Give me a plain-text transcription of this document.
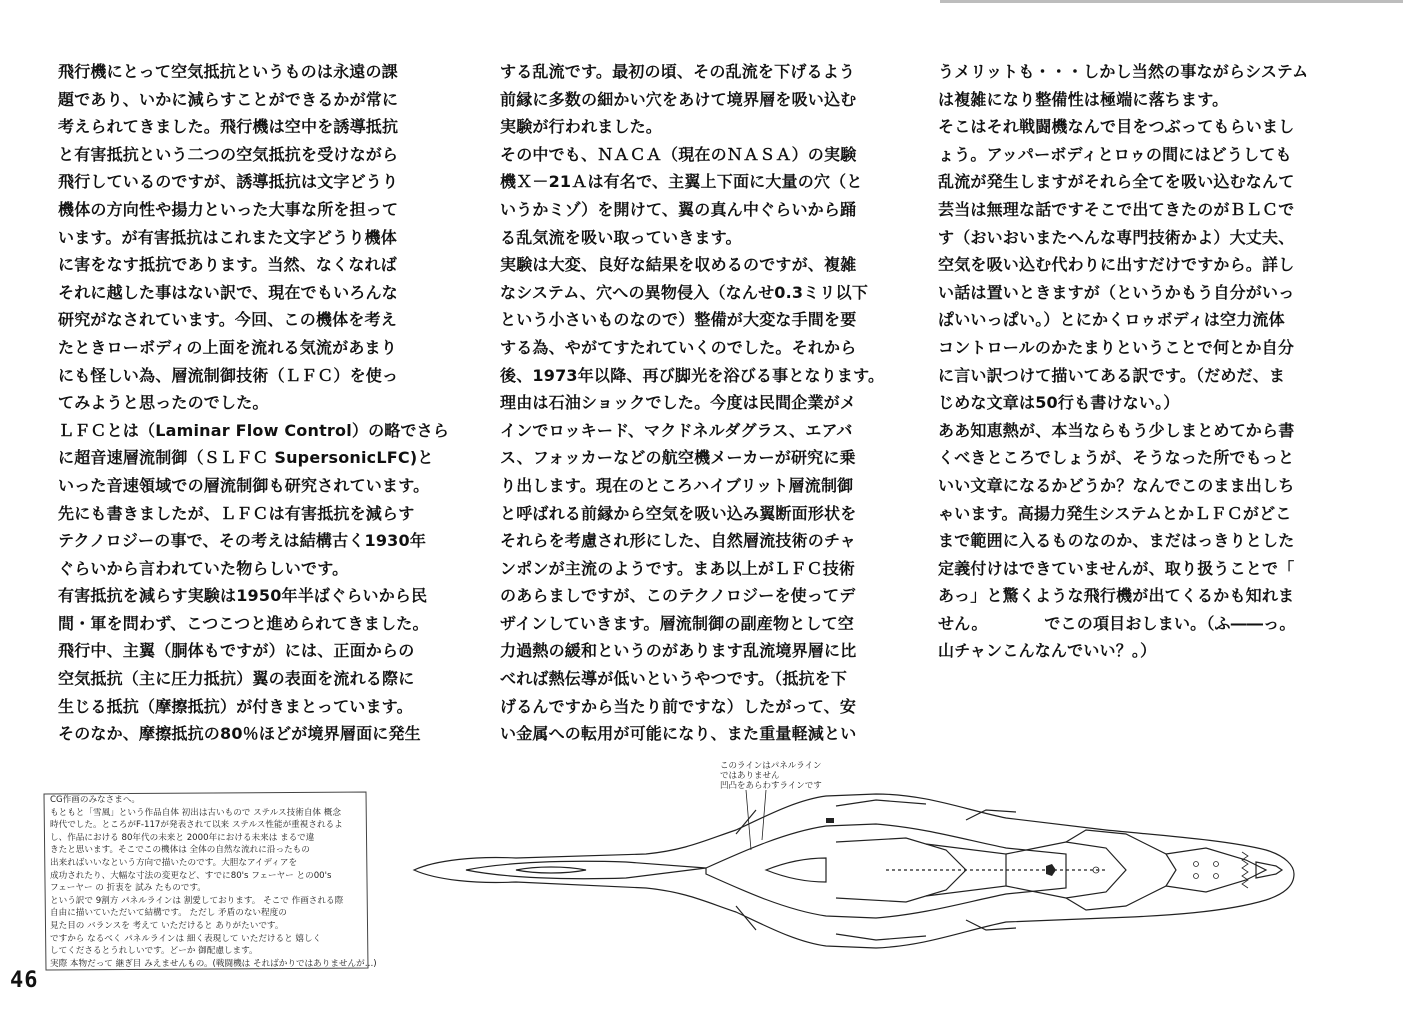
飛行機にとって空気抵抗というものは永遠の課

題であり、いかに減らすことができるかが常に

考えられてきました。飛行機は空中を誘導抵抗

と有害抵抗という二つの空気抵抗を受けながら

飛行しているのですが、誘導抵抗は文字どうり

機体の方向性や揚力といった大事な所を担って

います。が有害抵抗はこれまた文字どうり機体

に害をなす抵抗であります。当然、なくなれば

それに越した事はない訳で、現在でもいろんな

研究がなされています。今回、この機体を考え

たときローボディの上面を流れる気流があまり

にも怪しい為、層流制御技術（ＬＦＣ）を使っ

てみようと思ったのでした。

ＬＦＣとは（Laminar Flow Control）の略でさら

に超音速層流制御（ＳＬＦＣ SupersonicLFC)と

いった音速領域での層流制御も研究されています。

先にも書きましたが、ＬＦＣは有害抵抗を減らす

テクノロジーの事で、その考えは結構古く1930年

ぐらいから言われていた物らしいです。

有害抵抗を減らす実験は1950年半ばぐらいから民

間・軍を問わず、こつこつと進められてきました。

飛行中、主翼（胴体もですが）には、正面からの

空気抵抗（主に圧力抵抗）翼の表面を流れる際に

生じる抵抗（摩擦抵抗）が付きまとっています。

そのなか、摩擦抵抗の80％ほどが境界層面に発生

する乱流です。最初の頃、その乱流を下げるよう

前縁に多数の細かい穴をあけて境界層を吸い込む

実験が行われました。

その中でも、ＮＡＣＡ（現在のＮＡＳＡ）の実験

機Ｘ－21Ａは有名で、主翼上下面に大量の穴（と

いうかミゾ）を開けて、翼の真ん中ぐらいから踊

る乱気流を吸い取っていきます。

実験は大変、良好な結果を収めるのですが、複雑

なシステム、穴への異物侵入（なんせ0.3ミリ以下

という小さいものなので）整備が大変な手間を要

する為、やがてすたれていくのでした。それから

後、1973年以降、再び脚光を浴びる事となります。

理由は石油ショックでした。今度は民間企業がメ

インでロッキード、マクドネルダグラス、エアバ

ス、フォッカーなどの航空機メーカーが研究に乗

り出します。現在のところハイブリット層流制御

と呼ばれる前縁から空気を吸い込み翼断面形状を

それらを考慮され形にした、自然層流技術のチャ

ンポンが主流のようです。まあ以上がＬＦＣ技術

のあらましですが、このテクノロジーを使ってデ

ザインしていきます。層流制御の副産物として空

力過熱の緩和というのがあります乱流境界層に比

べれば熱伝導が低いというやつです。（抵抗を下

げるんですから当たり前ですな）したがって、安

い金属への転用が可能になり、また重量軽減とい

うメリットも・・・しかし当然の事ながらシステム

は複雑になり整備性は極端に落ちます。

そこはそれ戦闘機なんで目をつぶってもらいまし

ょう。アッパーボディとロゥの間にはどうしても

乱流が発生しますがそれら全てを吸い込むなんて

芸当は無理な話ですそこで出てきたのがＢＬＣで

す（おいおいまたへんな専門技術かよ）大丈夫、

空気を吸い込む代わりに出すだけですから。詳し

い話は置いときますが（というかもう自分がいっ

ぱいいっぱい。）とにかくロゥボディは空力流体

コントロールのかたまりということで何とか自分

に言い訳つけて描いてある訳です。（だめだ、ま

じめな文章は50行も書けない。）

ああ知恵熱が、本当ならもう少しまとめてから書

くべきところでしょうが、そうなった所でもっと

いい文章になるかどうか？なんでこのまま出しち

ゃいます。高揚力発生システムとかＬＦＣがどこ

まで範囲に入るものなのか、まだはっきりとした

定義付けはできていませんが、取り扱うことで「

あっ」と驚くような飛行機が出てくるかも知れま

せん。　　　　でこの項目おしまい。（ふ――っ。

山チャンこんなんでいい？。）

CG作画のみなさまへ。

もともと「雪風」という作品自体 初出は古いもので ステルス技術自体 概念

時代でした。ところがF-117が発表されて以来 ステルス性能が重視されるよ

し、作品における 80年代の未来と 2000年における未来は まるで違

きたと思います。そこでこの機体は 全体の自然な流れに沿ったもの

出来ればいいなという方向で描いたのです。大胆なアイディアを

成功されたり、大幅な寸法の変更など、すでに80's フェーヤー との00's

フェーヤー の 折衷を 試み たものです。

という訳で 9割方 パネルラインは 割愛しております。 そこで 作画される際

自由に描いていただいて結構です。 ただし 矛盾のない程度の

見た目の バランスを 考えて いただけると ありがたいです。

ですから なるべく パネルラインは 細く表現して いただけると 嬉しく

してくださるとうれしいです。どーか 御配慮します。

実際 本物だって 継ぎ目 みえませんもの。(戦闘機は そればかりではありませんが…)

このラインはパネルライン

ではありません

凹凸をあらわすラインです

46
